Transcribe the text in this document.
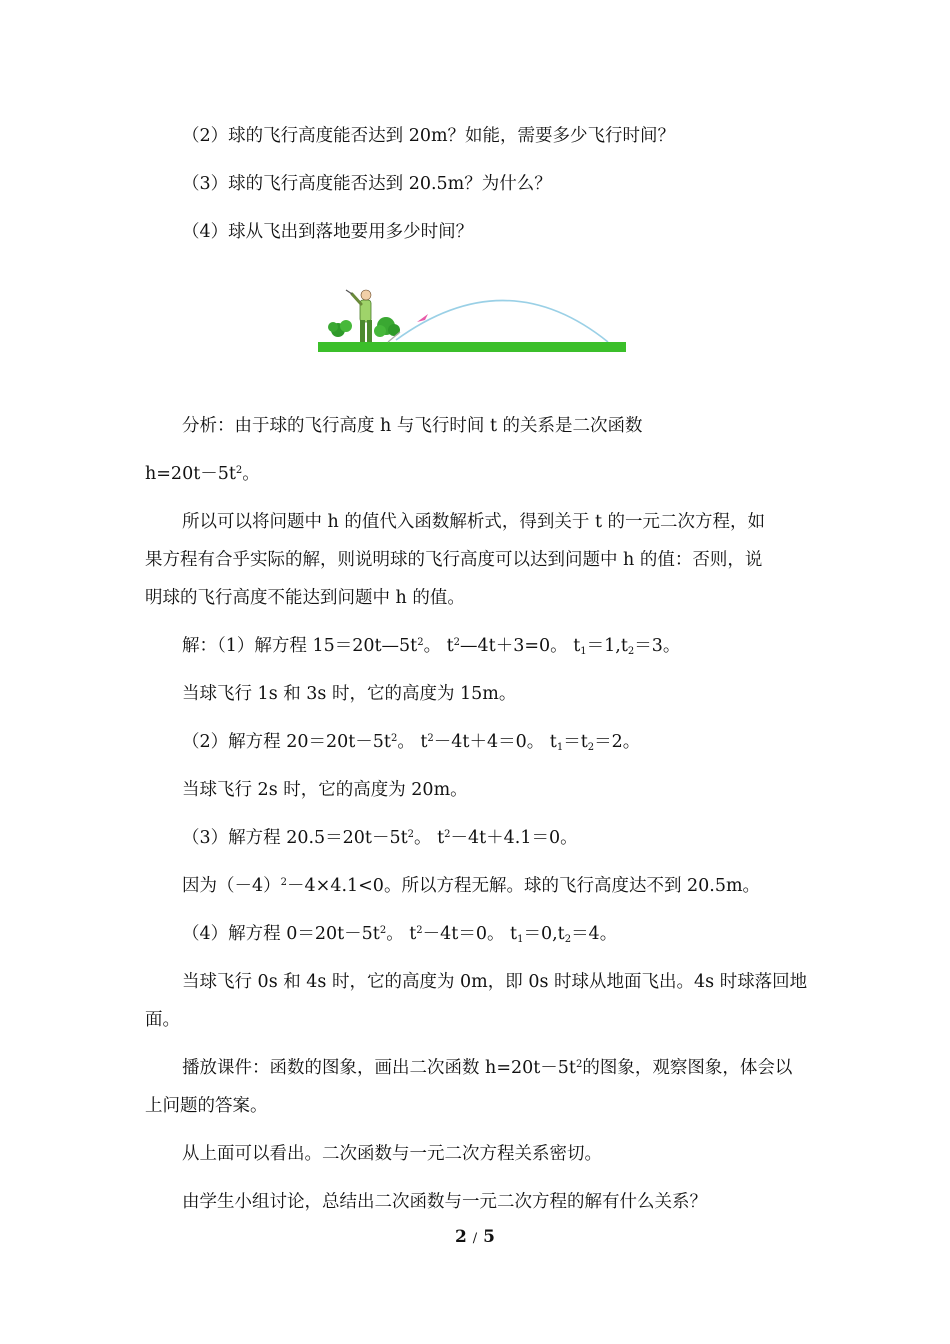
（2）球的飞行高度能否达到 20m？如能，需要多少飞行时间？
（3）球的飞行高度能否达到 20.5m？为什么？
（4）球从飞出到落地要用多少时间？
分析：由于球的飞行高度 h 与飞行时间 t 的关系是二次函数
$h=20t-5t^2$。
所以可以将问题中 h 的值代入函数解析式，得到关于 t 的一元二次方程，如
果方程有合乎实际的解，则说明球的飞行高度可以达到问题中 h 的值：否则，说
明球的飞行高度不能达到问题中 h 的值。
解：（1）解方程 $15=20t—5t^2$。 $t^2—4t+3=0$。 $t_1=1,t_2=3$。
当球飞行 1s 和 3s 时，它的高度为 15m。
（2）解方程 $20=20t-5t^2$。 $t^2-4t+4=0$。 $t_1=t_2=2$。
当球飞行 2s 时，它的高度为 20m。
（3）解方程 $20.5=20t-5t^2$。 $t^2-4t+4.1=0$。
因为$(-4)^2-4\times 4.1<0$。所以方程无解。球的飞行高度达不到 20.5m。
（4）解方程 $0=20t-5t^2$。 $t^2-4t=0$。 $t_1=0,t_2=4$。
当球飞行 0s 和 4s 时，它的高度为 0m，即 0s 时球从地面飞出。4s 时球落回地
面。
播放课件：函数的图象，画出二次函数 $h=20t-5t^2$的图象，观察图象，体会以
上问题的答案。
从上面可以看出。二次函数与一元二次方程关系密切。
由学生小组讨论，总结出二次函数与一元二次方程的解有什么关系？
2 / 5
